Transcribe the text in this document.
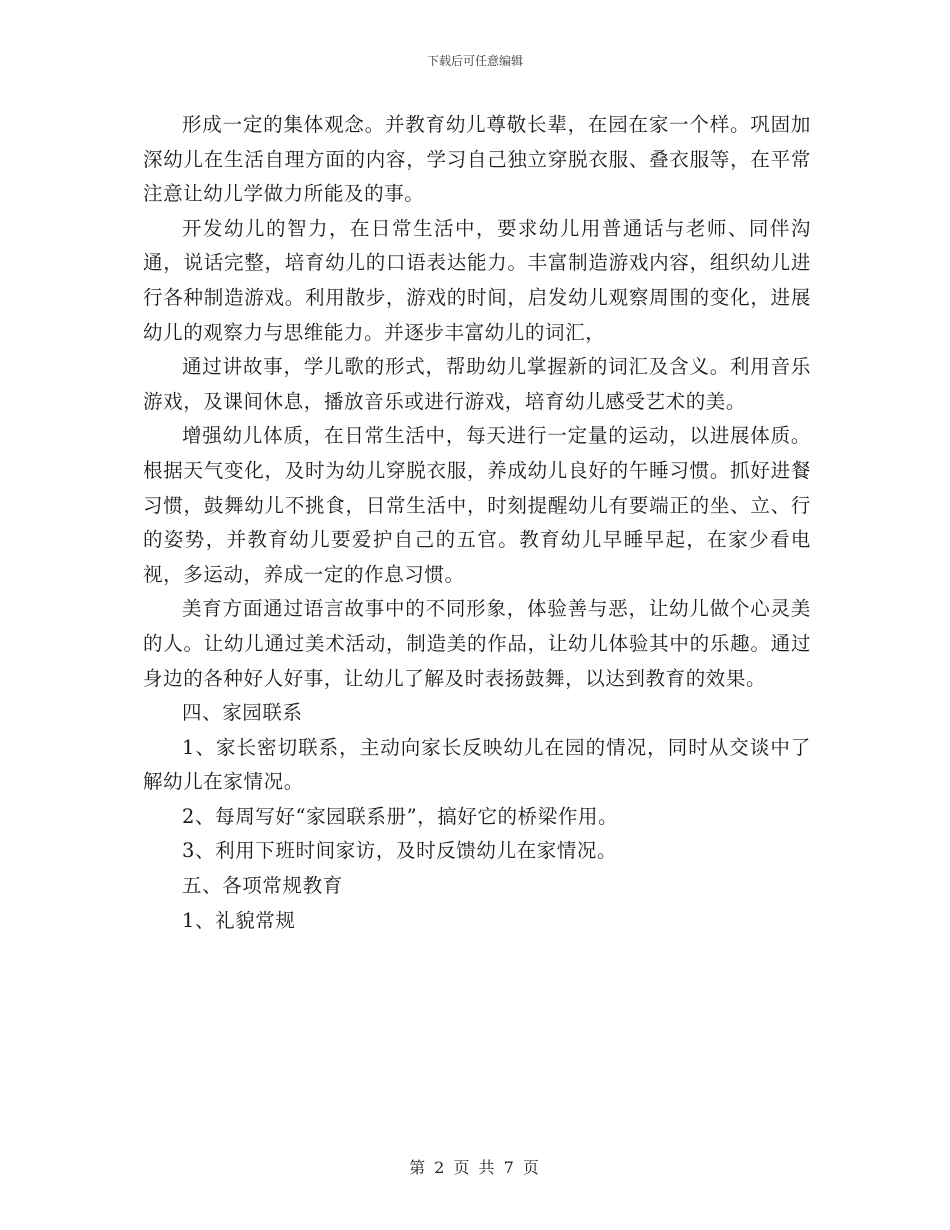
下载后可任意编辑

形成一定的集体观念。并教育幼儿尊敬长辈，在园在家一个样。巩固加深幼儿在生活自理方面的内容，学习自己独立穿脱衣服、叠衣服等，在平常注意让幼儿学做力所能及的事。

开发幼儿的智力，在日常生活中，要求幼儿用普通话与老师、同伴沟通，说话完整，培育幼儿的口语表达能力。丰富制造游戏内容，组织幼儿进行各种制造游戏。利用散步，游戏的时间，启发幼儿观察周围的变化，进展幼儿的观察力与思维能力。并逐步丰富幼儿的词汇，

通过讲故事，学儿歌的形式，帮助幼儿掌握新的词汇及含义。利用音乐游戏，及课间休息，播放音乐或进行游戏，培育幼儿感受艺术的美。

增强幼儿体质，在日常生活中，每天进行一定量的运动，以进展体质。根据天气变化，及时为幼儿穿脱衣服，养成幼儿良好的午睡习惯。抓好进餐习惯，鼓舞幼儿不挑食，日常生活中，时刻提醒幼儿有要端正的坐、立、行的姿势，并教育幼儿要爱护自己的五官。教育幼儿早睡早起，在家少看电视，多运动，养成一定的作息习惯。

美育方面通过语言故事中的不同形象，体验善与恶，让幼儿做个心灵美的人。让幼儿通过美术活动，制造美的作品，让幼儿体验其中的乐趣。通过身边的各种好人好事，让幼儿了解及时表扬鼓舞，以达到教育的效果。

四、家园联系

1、家长密切联系，主动向家长反映幼儿在园的情况，同时从交谈中了解幼儿在家情况。

2、每周写好“家园联系册”，搞好它的桥梁作用。

3、利用下班时间家访，及时反馈幼儿在家情况。

五、各项常规教育

1、礼貌常规

第 2 页 共 7 页
